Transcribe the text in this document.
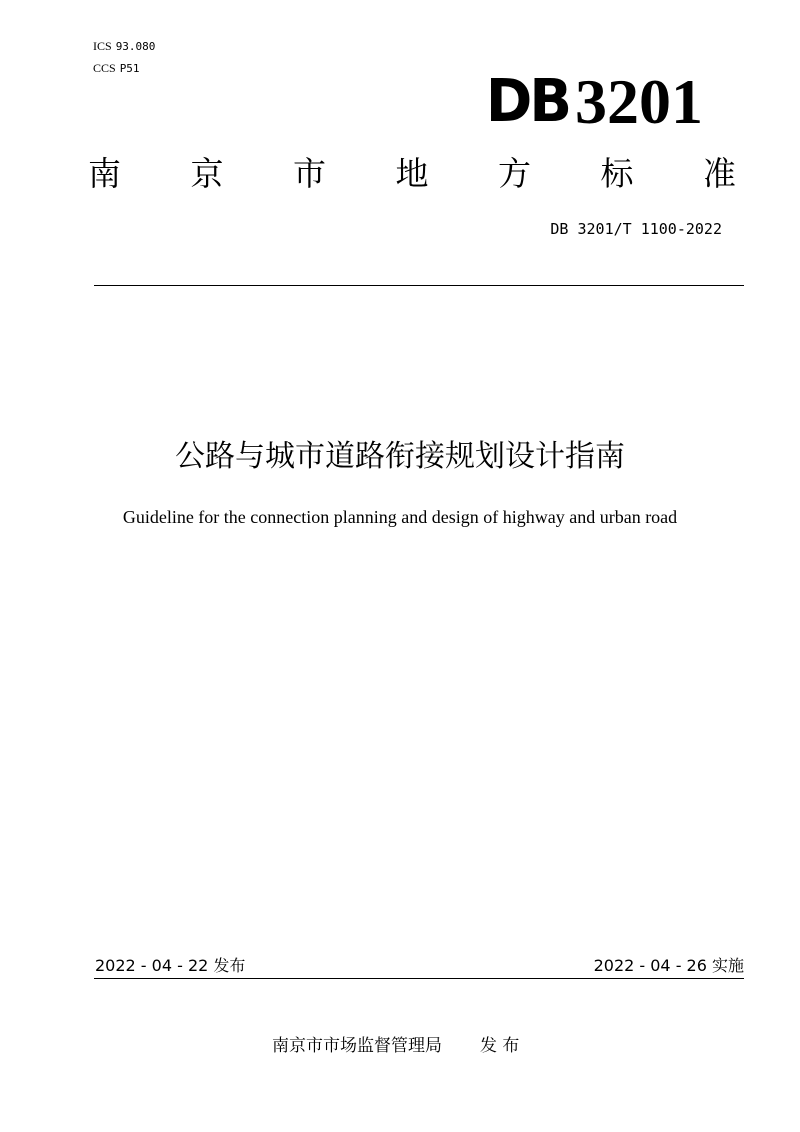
ICS 93.080
CCS P51	DB 3201
南 京 市 地 方 标 准
DB 3201/T 1100-2022
公路与城市道路衔接规划设计指南
Guideline for the connection planning and design of highway and urban road
2022 - 04 - 22 发布	2022 - 04 - 26 实施
南京市市场监督管理局 发 布
